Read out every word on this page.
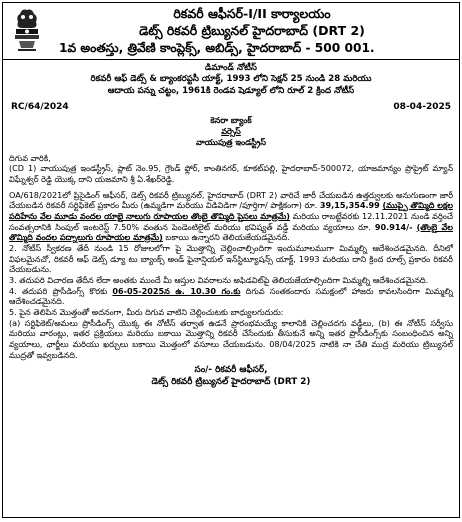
రికవరీ ఆఫీసర్-I/II కార్యాలయం
డెట్స్ రికవరీ ట్రిబ్యునల్ హైదరాబాద్ (DRT 2)
1వ అంతస్తు, త్రివేణి కాంప్లెక్స్, అబిడ్స్, హైదరాబాద్ - 500 001.
డిమాండ్ నోటీస్
రికవరీ ఆఫ్ డెట్స్ & బ్యాంకరప్టసీ యాక్ట్, 1993 లోని సెక్షన్ 25 నుండి 28 మరియు
ఆదాయ పన్ను చట్టం, 1961కి రెండవ షెడ్యూల్ లోని రూల్ 2 క్రింద నోటీస్
RC/64/2024	08-04-2025
కెనరా బ్యాంక్
వర్సెస్
వాయుపుత్ర ఇండస్ట్రీస్
దిగువ వారికి,
(CD 1) వాయుపుత్ర ఇండస్ట్రీస్, ప్లాట్ నెం.95, గ్రౌండ్ ఫ్లోర్, కాంతినగర్, కూకట్‌పల్లి, హైదరాబాద్-500072, యాజమాన్యం ప్రొప్రైట్ మ్యాన్ విఘ్నేశ్వర్ రెడ్డి యొక్క దాని యజమాని శ్రీ ఏ.శేఖర్‌రెడ్డి.
OA/618/2021లో ప్రిసైడింగ్ ఆఫీసర్, డెట్స్ రికవరీ ట్రిబ్యునల్, హైదరాబాద్ (DRT 2) వారిచే జారీ చేయబడిన ఉత్తర్వులకు అనుగుణంగా జారీ చేయబడిన రికవరీ సర్టిఫికెట్ ప్రకారం మీరు (ఉమ్మడిగా మరియు విడివిడిగా /పూర్తిగా/ పాక్షికంగా) రూ. 39,15,354.99 (ముప్పై తొమ్మిది లక్షల పదిహేను వేల మూడు వందల యాభై నాలుగు రూపాయల తొంబై తొమ్మిది పైసలు మాత్రమే) మరియు రాబట్టేవరకు 12.11.2021 నుండి వర్తించే సంవత్సరానికి సింపుల్ ఇంటరెస్ట్ 7.50% వంతున పెండెంటిలైట్ మరియు భవిష్యత్ వడ్డీ మరియు వ్యయాలు రూ. 90.914/- (తొంబై వేల తొమ్మిది వందల పద్నాలుగు రూపాయల మాత్రమే) బకాయి ఉన్నారని తెలియజేయడమైనది.
2. నోటీస్ స్వీకరణ తేదీ నుండి 15 రోజులలోగా పై మొత్తాన్ని చెల్లించాల్సిందిగా ఇందుమూలముగా మిమ్మల్ని ఆదేశించడమైనది. దీనిలో విఫలమైనచో, రికవరీ ఆఫ్ డెట్స్ డ్యూ టు బ్యాంక్స్ అండ్ ఫైనాన్షియల్ ఇన్‌స్టిట్యూషన్స్ యాక్ట్, 1993 మరియు దాని క్రింద రూల్స్ ప్రకారం రికవరీ చేయబడును.
3. తదుపరి విచారణ తేదీన లేదా అంతకు ముందే మీ ఆస్తుల వివరాలను అఫిడవిట్‌పై తెలియజేయాల్సిందిగా మిమ్మల్ని ఆదేశించడమైనది.
4. తదుపరి ప్రొసీడింగ్స్ కొరకు 06-05-2025న ఉ. 10.30 గం.కు దిగువ సంతకందారు సమక్షంలో హాజరు కావలసిందిగా మిమ్మల్ని ఆదేశించడమైనది.
5. పైన తెలిపిన మొత్తంతో అదనంగా, మీరు దిగువ వాటిని చెల్లించుటకు బాధ్యులగుదురు:
(a) సర్టిఫికెట్/అమలు ప్రొసీడింగ్స్ యొక్క ఈ నోటీస్ తర్వాత ఉడనే ప్రారంభమయ్యే కాలానికి చెల్లించదగు వడ్డీలు, (b) ఈ నోటీస్ సర్వీసు మరియు వారంట్లు, ఇతర ప్రక్రియలు మరియు బకాయి మొత్తాన్ని రికవరీ చేసేందుకు తీసుకునే అన్ని ఇతర ప్రొసీడింగ్స్‌కు సంబంధించిన అన్ని వ్యయాలు, ఛార్జీలు మరియు ఖర్చులు బకాయి మొత్తంలో వసూలు చేయబడును. 08/04/2025 నాటికి నా చేతి ముద్ర మరియు ట్రిబ్యునల్ ముద్రతో ఇవ్వబడినది.
సం/- రికవరీ ఆఫీసర్,
డెట్స్ రికవరీ ట్రిబ్యునల్ హైదరాబాద్ (DRT 2)
